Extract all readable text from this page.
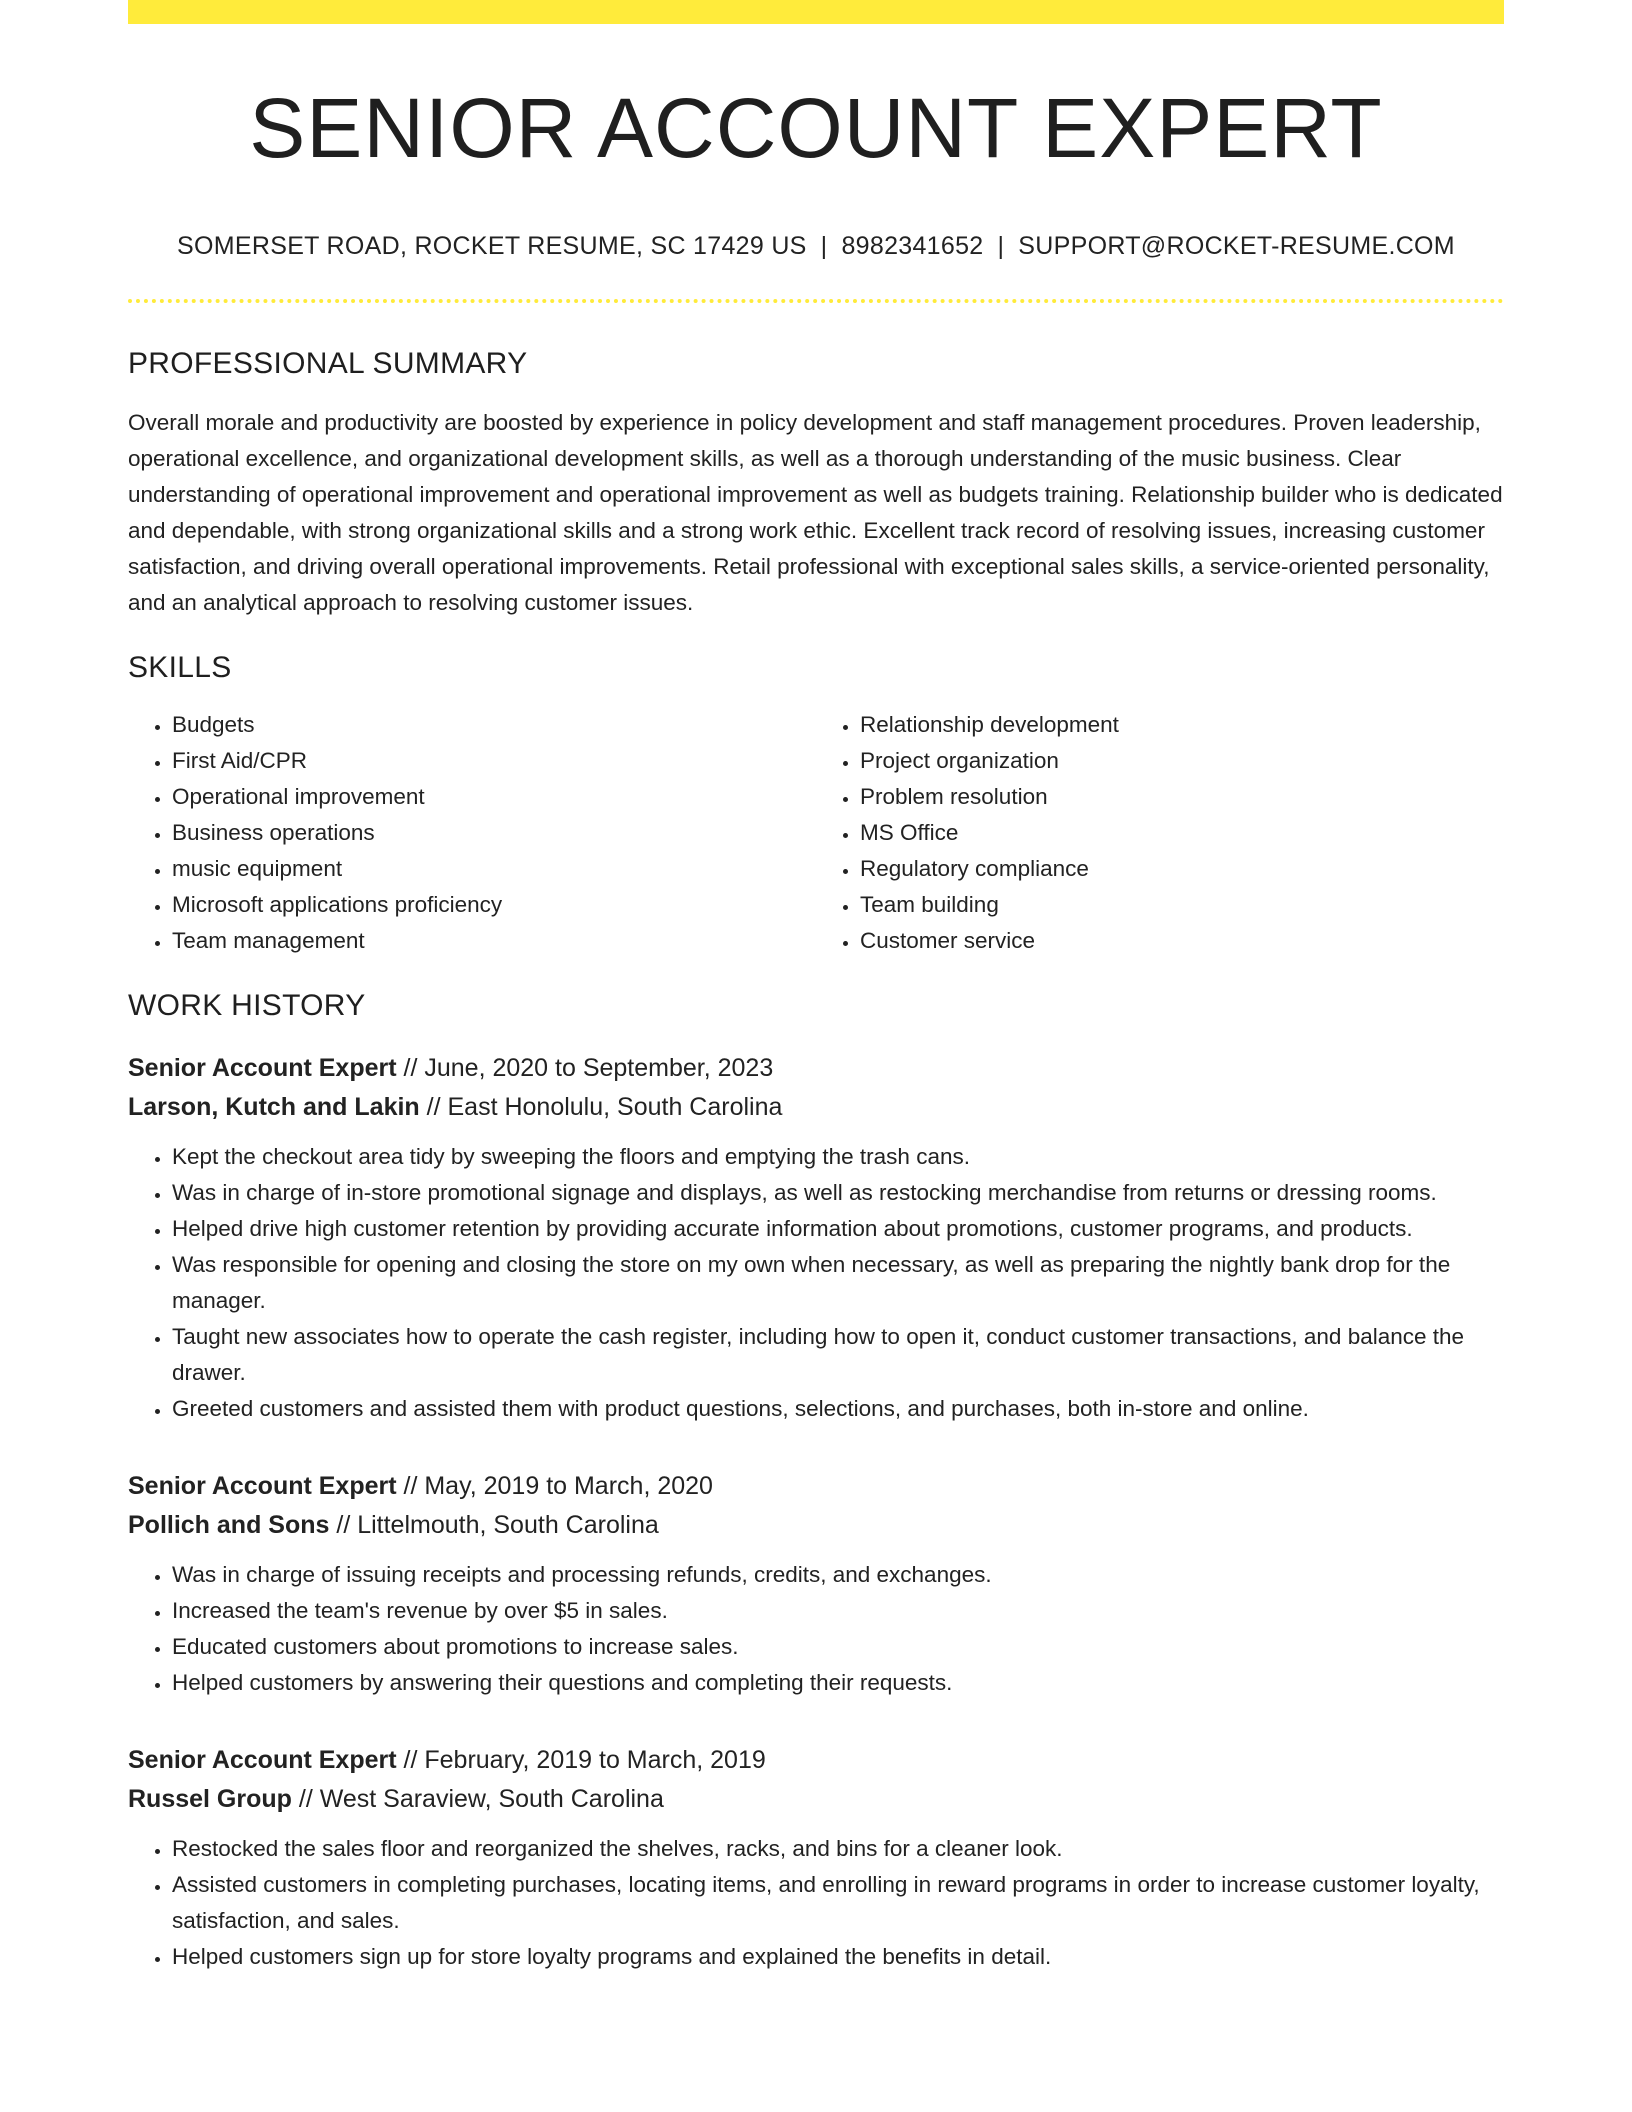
SENIOR ACCOUNT EXPERT
SOMERSET ROAD, ROCKET RESUME, SC 17429 US | 8982341652 | SUPPORT@ROCKET-RESUME.COM
PROFESSIONAL SUMMARY
Overall morale and productivity are boosted by experience in policy development and staff management procedures. Proven leadership, operational excellence, and organizational development skills, as well as a thorough understanding of the music business. Clear understanding of operational improvement and operational improvement as well as budgets training. Relationship builder who is dedicated and dependable, with strong organizational skills and a strong work ethic. Excellent track record of resolving issues, increasing customer satisfaction, and driving overall operational improvements. Retail professional with exceptional sales skills, a service-oriented personality, and an analytical approach to resolving customer issues.
SKILLS
• Budgets
• First Aid/CPR
• Operational improvement
• Business operations
• music equipment
• Microsoft applications proficiency
• Team management
• Relationship development
• Project organization
• Problem resolution
• MS Office
• Regulatory compliance
• Team building
• Customer service
WORK HISTORY
Senior Account Expert // June, 2020 to September, 2023
Larson, Kutch and Lakin // East Honolulu, South Carolina
• Kept the checkout area tidy by sweeping the floors and emptying the trash cans.
• Was in charge of in-store promotional signage and displays, as well as restocking merchandise from returns or dressing rooms.
• Helped drive high customer retention by providing accurate information about promotions, customer programs, and products.
• Was responsible for opening and closing the store on my own when necessary, as well as preparing the nightly bank drop for the manager.
• Taught new associates how to operate the cash register, including how to open it, conduct customer transactions, and balance the drawer.
• Greeted customers and assisted them with product questions, selections, and purchases, both in-store and online.
Senior Account Expert // May, 2019 to March, 2020
Pollich and Sons // Littelmouth, South Carolina
• Was in charge of issuing receipts and processing refunds, credits, and exchanges.
• Increased the team's revenue by over $5 in sales.
• Educated customers about promotions to increase sales.
• Helped customers by answering their questions and completing their requests.
Senior Account Expert // February, 2019 to March, 2019
Russel Group // West Saraview, South Carolina
• Restocked the sales floor and reorganized the shelves, racks, and bins for a cleaner look.
• Assisted customers in completing purchases, locating items, and enrolling in reward programs in order to increase customer loyalty, satisfaction, and sales.
• Helped customers sign up for store loyalty programs and explained the benefits in detail.
